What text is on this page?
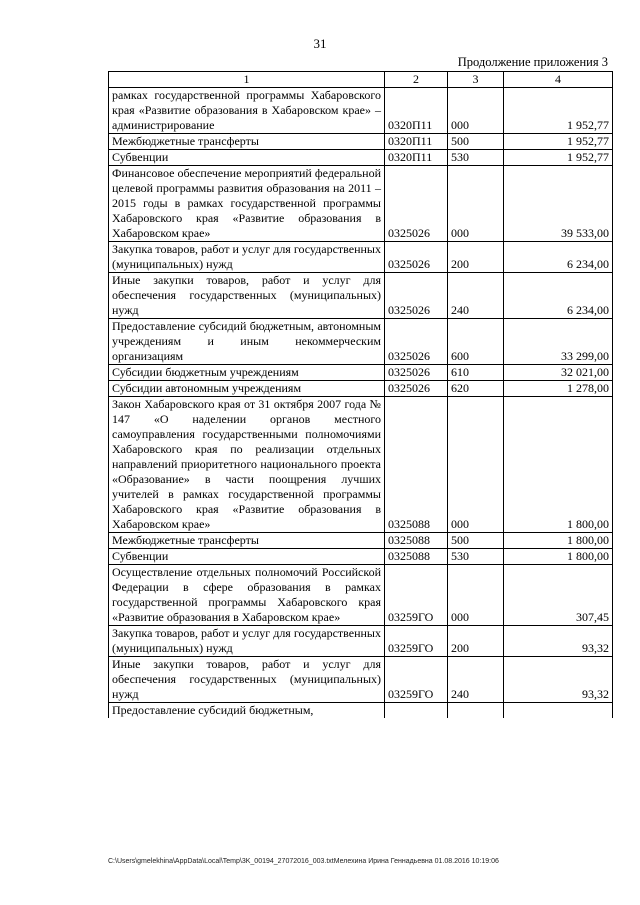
31
Продолжение приложения 3
1	2	3	4
рамках государственной программы Хабаровского края «Развитие образования в Хабаровском крае» – администрирование	0320П11	000	1 952,77
Межбюджетные трансферты	0320П11	500	1 952,77
Субвенции	0320П11	530	1 952,77
Финансовое обеспечение мероприятий федеральной целевой программы развития образования на 2011 – 2015 годы в рамках государственной программы Хабаровского края «Развитие образования в Хабаровском крае»	0325026	000	39 533,00
Закупка товаров, работ и услуг для государственных (муниципальных) нужд	0325026	200	6 234,00
Иные закупки товаров, работ и услуг для обеспечения государственных (муниципальных) нужд	0325026	240	6 234,00
Предоставление субсидий бюджетным, автономным учреждениям и иным некоммерческим организациям	0325026	600	33 299,00
Субсидии бюджетным учреждениям	0325026	610	32 021,00
Субсидии автономным учреждениям	0325026	620	1 278,00
Закон Хабаровского края от 31 октября 2007 года № 147 «О наделении органов местного самоуправления государственными полномочиями Хабаровского края по реализации отдельных направлений приоритетного национального проекта «Образование» в части поощрения лучших учителей в рамках государственной программы Хабаровского края «Развитие образования в Хабаровском крае»	0325088	000	1 800,00
Межбюджетные трансферты	0325088	500	1 800,00
Субвенции	0325088	530	1 800,00
Осуществление отдельных полномочий Российской Федерации в сфере образования в рамках государственной программы Хабаровского края «Развитие образования в Хабаровском крае»	03259ГО	000	307,45
Закупка товаров, работ и услуг для государственных (муниципальных) нужд	03259ГО	200	93,32
Иные закупки товаров, работ и услуг для обеспечения государственных (муниципальных) нужд	03259ГО	240	93,32
Предоставление субсидий бюджетным,			
C:\Users\gmelekhina\AppData\Local\Temp\3K_00194_27072016_003.txtМелехина Ирина Геннадьевна 01.08.2016 10:19:06
